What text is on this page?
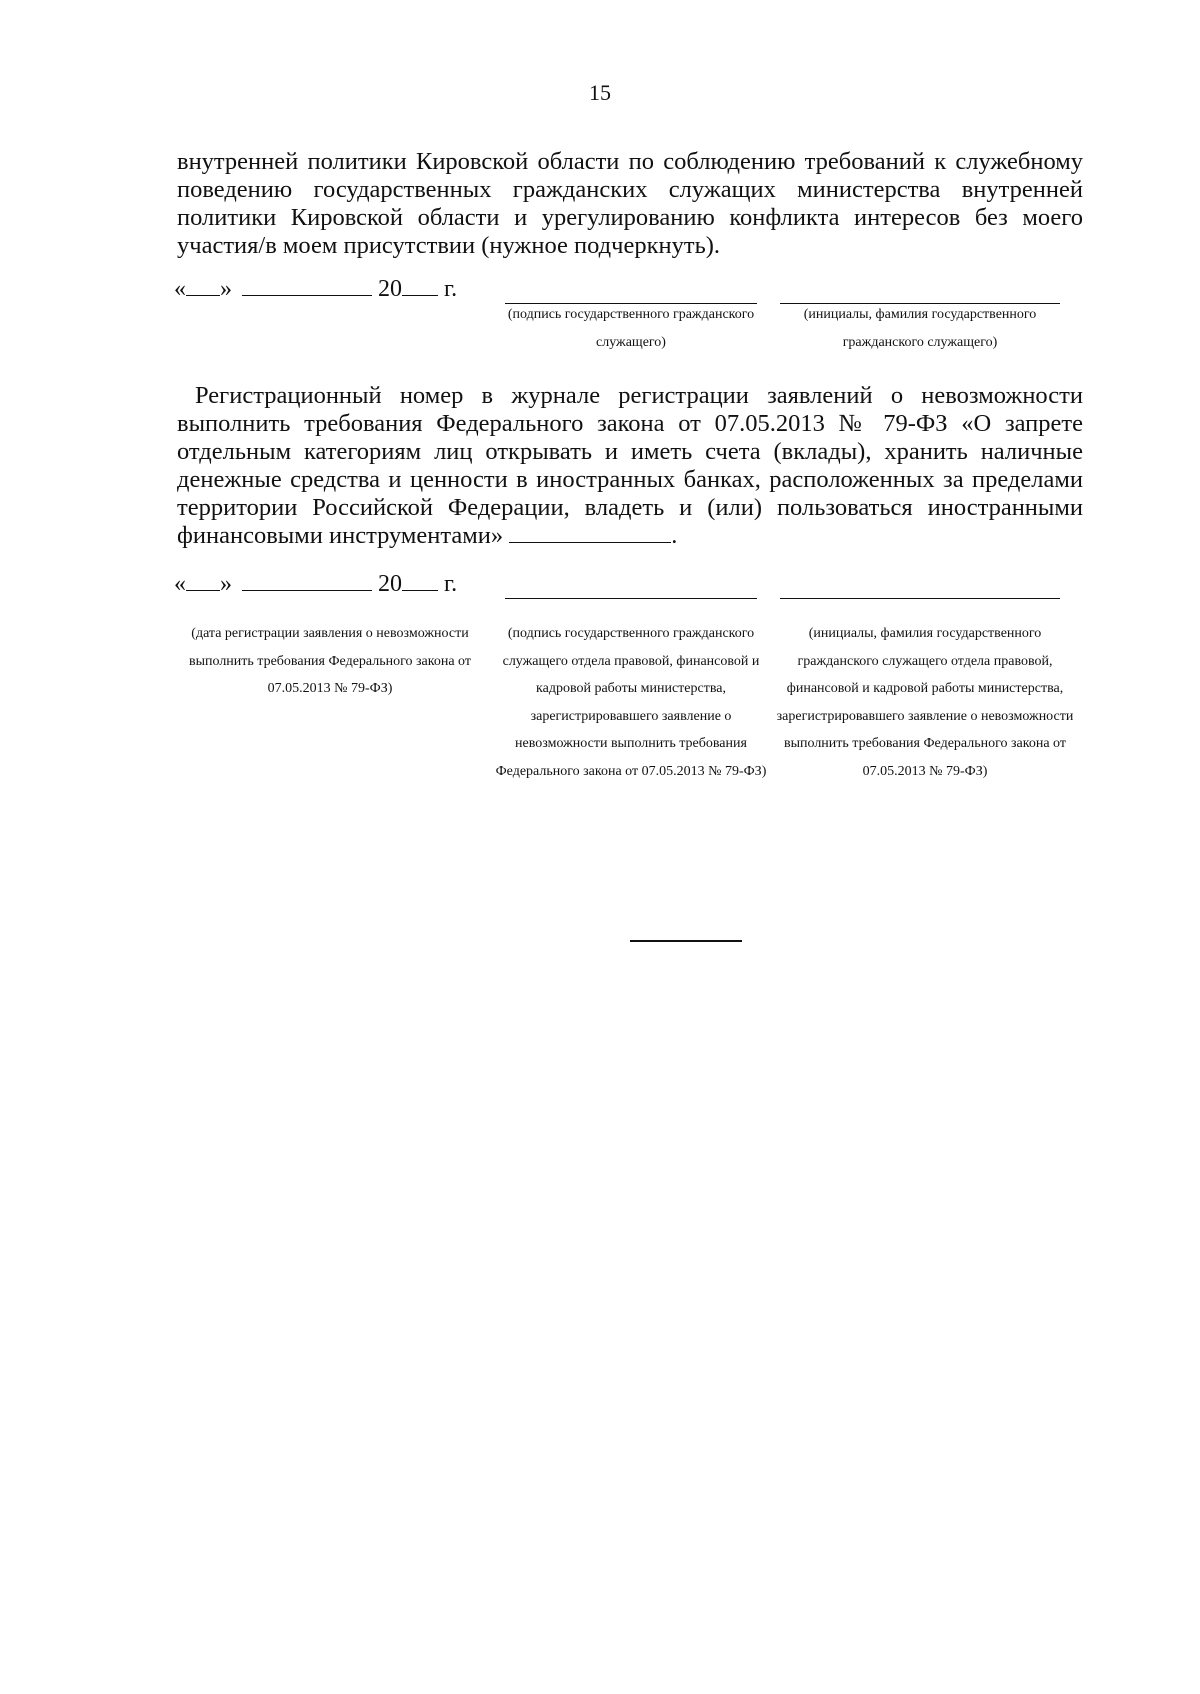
15
внутренней политики Кировской области по соблюдению требований к служебному поведению государственных гражданских служащих министерства внутренней политики Кировской области и урегулированию конфликта интересов без моего участия/в моем присутствии (нужное подчеркнуть).
« »	20 г.
(подпись государственного гражданского служащего)
(инициалы, фамилия государственного гражданского служащего)
Регистрационный номер в журнале регистрации заявлений о невозможности выполнить требования Федерального закона от 07.05.2013 № 79-ФЗ «О запрете отдельным категориям лиц открывать и иметь счета (вклады), хранить наличные денежные средства и ценности в иностранных банках, расположенных за пределами территории Российской Федерации, владеть и (или) пользоваться иностранными финансовыми инструментами»	.
« »	20 г.
(дата регистрации заявления о невозможности выполнить требования Федерального закона от 07.05.2013 № 79-ФЗ)
(подпись государственного гражданского служащего отдела правовой, финансовой и кадровой работы министерства, зарегистрировавшего заявление о невозможности выполнить требования Федерального закона от 07.05.2013 № 79-ФЗ)
(инициалы, фамилия государственного гражданского служащего отдела правовой, финансовой и кадровой работы министерства, зарегистрировавшего заявление о невозможности выполнить требования Федерального закона от 07.05.2013 № 79-ФЗ)
